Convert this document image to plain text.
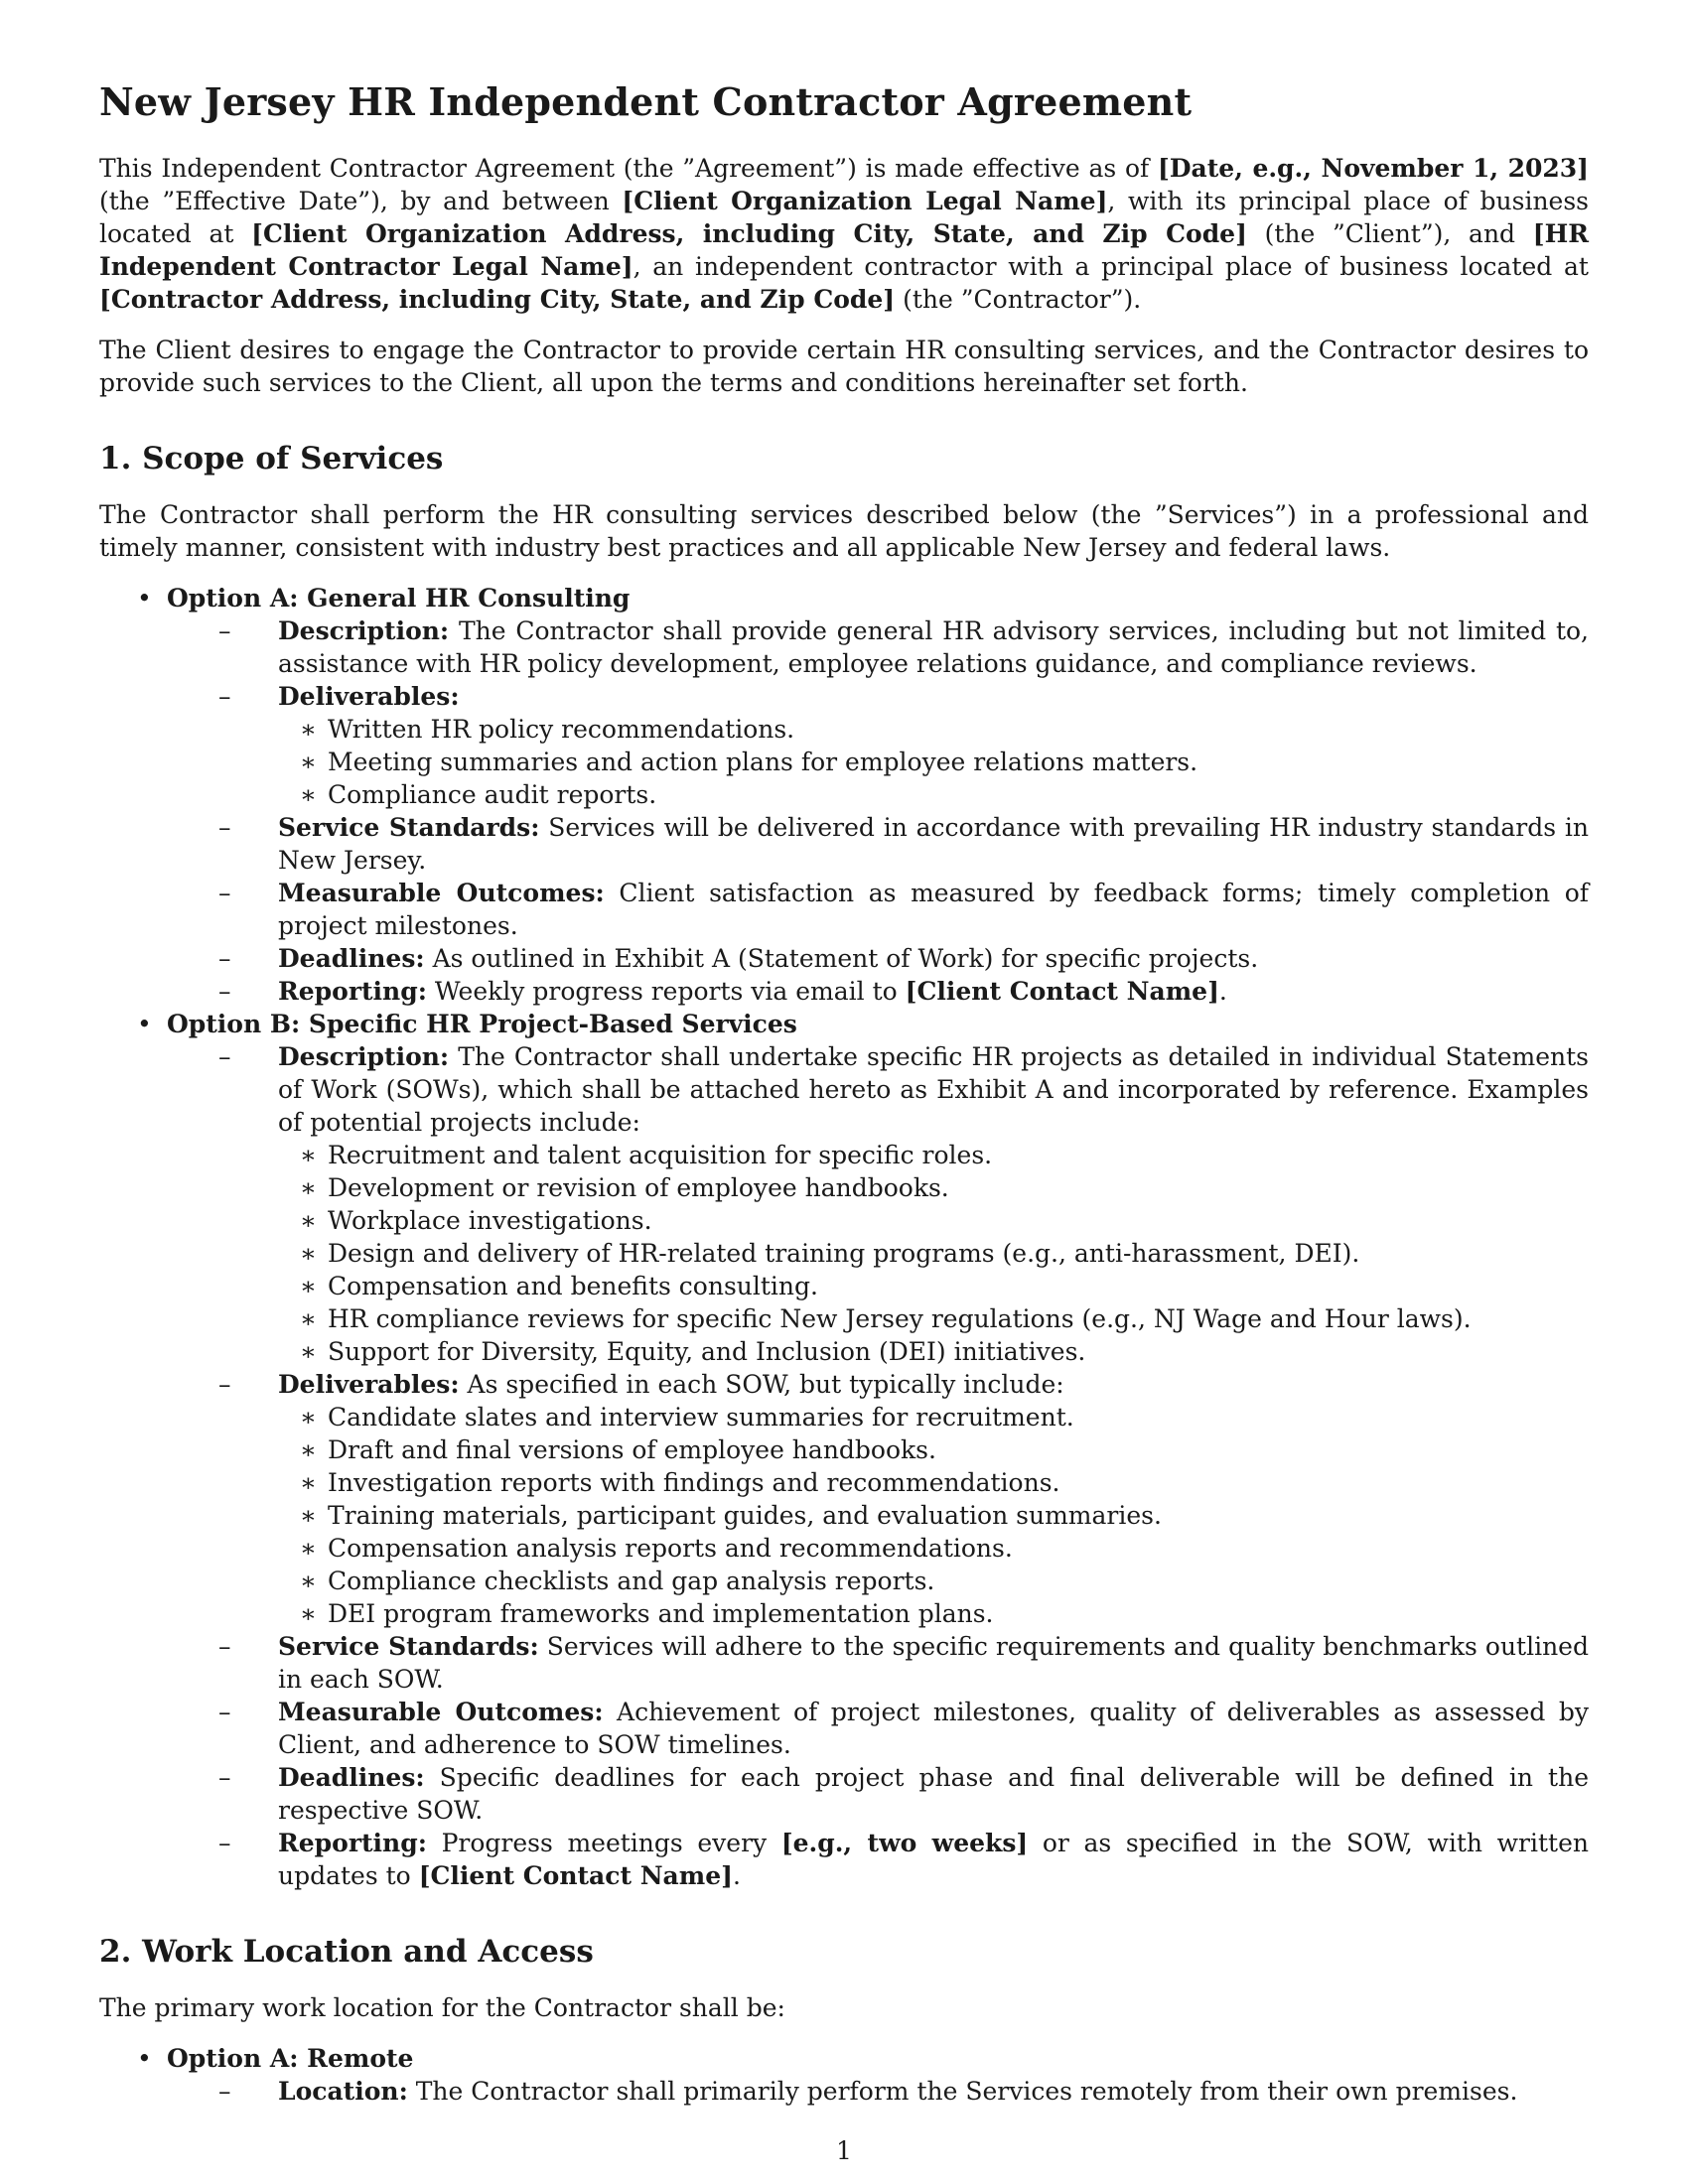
New Jersey HR Independent Contractor Agreement

This Independent Contractor Agreement (the ”Agreement”) is made effective as of [Date, e.g., November 1, 2023] (the ”Effective Date”), by and between [Client Organization Legal Name], with its principal place of business located at [Client Organization Address, including City, State, and Zip Code] (the ”Client”), and [HR Independent Contractor Legal Name], an independent contractor with a principal place of business located at [Contractor Address, including City, State, and Zip Code] (the ”Contractor”).

The Client desires to engage the Contractor to provide certain HR consulting services, and the Contractor desires to provide such services to the Client, all upon the terms and conditions hereinafter set forth.

1. Scope of Services

The Contractor shall perform the HR consulting services described below (the ”Services”) in a professional and timely manner, consistent with industry best practices and all applicable New Jersey and federal laws.

• Option A: General HR Consulting
– Description: The Contractor shall provide general HR advisory services, including but not limited to, assistance with HR policy development, employee relations guidance, and compliance reviews.
– Deliverables:
∗ Written HR policy recommendations.
∗ Meeting summaries and action plans for employee relations matters.
∗ Compliance audit reports.
– Service Standards: Services will be delivered in accordance with prevailing HR industry standards in New Jersey.
– Measurable Outcomes: Client satisfaction as measured by feedback forms; timely completion of project milestones.
– Deadlines: As outlined in Exhibit A (Statement of Work) for specific projects.
– Reporting: Weekly progress reports via email to [Client Contact Name].
• Option B: Specific HR Project-Based Services
– Description: The Contractor shall undertake specific HR projects as detailed in individual Statements of Work (SOWs), which shall be attached hereto as Exhibit A and incorporated by reference. Examples of potential projects include:
∗ Recruitment and talent acquisition for specific roles.
∗ Development or revision of employee handbooks.
∗ Workplace investigations.
∗ Design and delivery of HR-related training programs (e.g., anti-harassment, DEI).
∗ Compensation and benefits consulting.
∗ HR compliance reviews for specific New Jersey regulations (e.g., NJ Wage and Hour laws).
∗ Support for Diversity, Equity, and Inclusion (DEI) initiatives.
– Deliverables: As specified in each SOW, but typically include:
∗ Candidate slates and interview summaries for recruitment.
∗ Draft and final versions of employee handbooks.
∗ Investigation reports with findings and recommendations.
∗ Training materials, participant guides, and evaluation summaries.
∗ Compensation analysis reports and recommendations.
∗ Compliance checklists and gap analysis reports.
∗ DEI program frameworks and implementation plans.
– Service Standards: Services will adhere to the specific requirements and quality benchmarks outlined in each SOW.
– Measurable Outcomes: Achievement of project milestones, quality of deliverables as assessed by Client, and adherence to SOW timelines.
– Deadlines: Specific deadlines for each project phase and final deliverable will be defined in the respective SOW.
– Reporting: Progress meetings every [e.g., two weeks] or as specified in the SOW, with written updates to [Client Contact Name].
2. Work Location and Access

The primary work location for the Contractor shall be:

• Option A: Remote
– Location: The Contractor shall primarily perform the Services remotely from their own premises.
1
